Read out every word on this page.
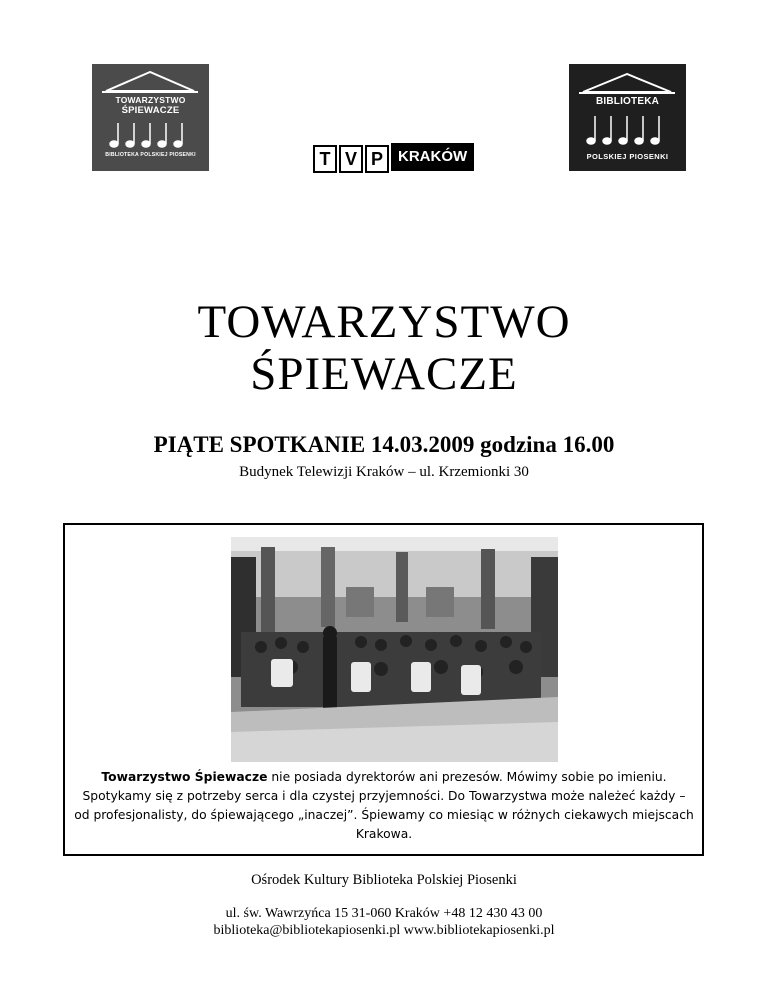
TOWARZYSTWO
ŚPIEWACZE
BIBLIOTEKA POLSKIEJ PIOSENKI	T V P	KRAKÓW
BIBLIOTEKA
POLSKIEJ PIOSENKI
TOWARZYSTWO
ŚPIEWACZE
PIĄTE SPOTKANIE 14.03.2009 godzina 16.00
Budynek Telewizji Kraków – ul. Krzemionki 30
Towarzystwo Śpiewacze nie posiada dyrektorów ani prezesów. Mówimy sobie po imieniu. Spotykamy się z potrzeby serca i dla czystej przyjemności. Do Towarzystwa może należeć każdy – od profesjonalisty, do śpiewającego „inaczej”. Śpiewamy co miesiąc w różnych ciekawych miejscach Krakowa.
Ośrodek Kultury Biblioteka Polskiej Piosenki
ul. św. Wawrzyńca 15 31-060 Kraków +48 12 430 43 00
biblioteka@bibliotekapiosenki.pl www.bibliotekapiosenki.pl
